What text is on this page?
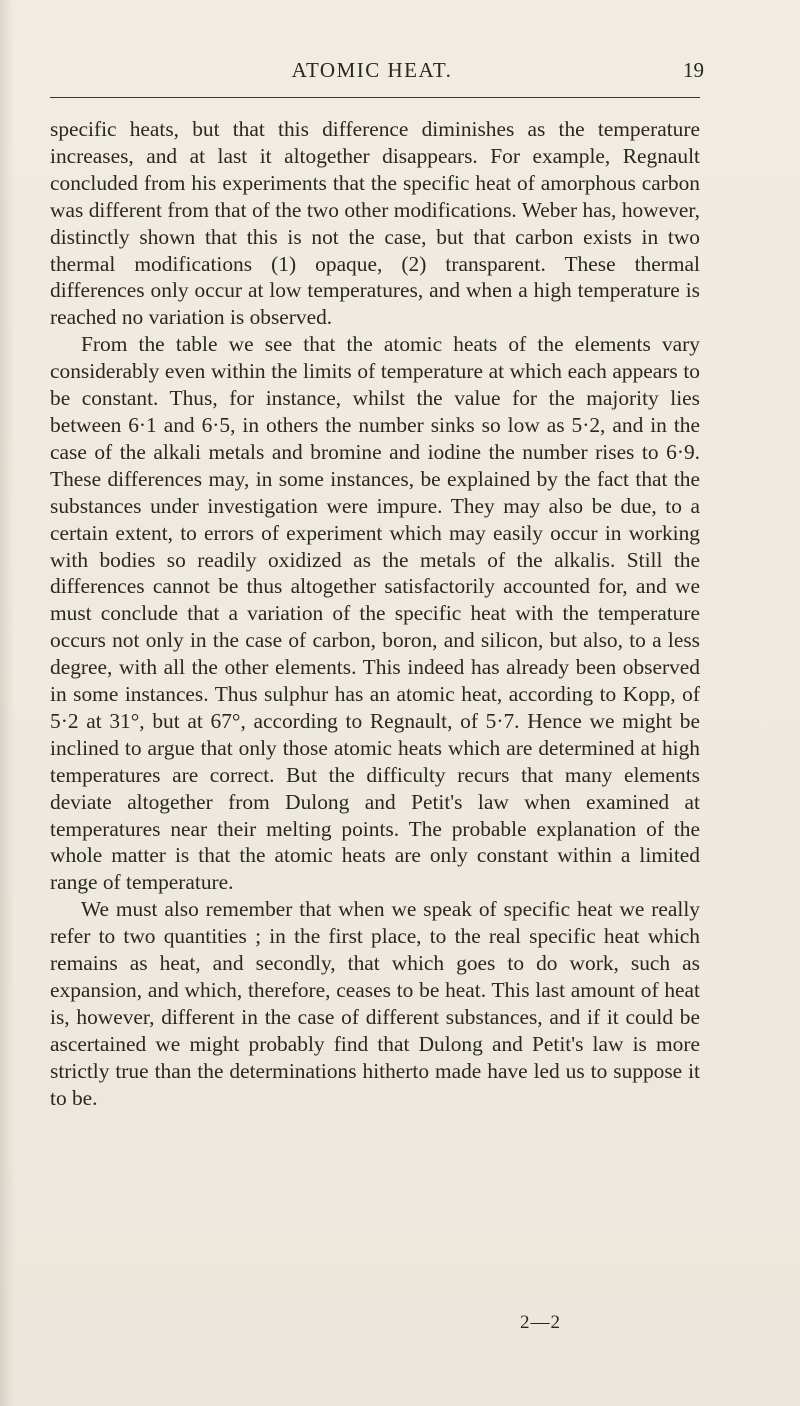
ATOMIC HEAT.	19

specific heats, but that this difference diminishes as the temperature increases, and at last it altogether disappears. For example, Regnault concluded from his experiments that the specific heat of amorphous carbon was different from that of the two other modifications. Weber has, however, distinctly shown that this is not the case, but that carbon exists in two thermal modifications (1) opaque, (2) transparent. These thermal differences only occur at low temperatures, and when a high temperature is reached no variation is observed.

From the table we see that the atomic heats of the elements vary considerably even within the limits of temperature at which each appears to be constant. Thus, for instance, whilst the value for the majority lies between 6·1 and 6·5, in others the number sinks so low as 5·2, and in the case of the alkali metals and bromine and iodine the number rises to 6·9. These differences may, in some instances, be explained by the fact that the substances under investigation were impure. They may also be due, to a certain extent, to errors of experiment which may easily occur in working with bodies so readily oxidized as the metals of the alkalis. Still the differences cannot be thus altogether satisfactorily accounted for, and we must conclude that a variation of the specific heat with the temperature occurs not only in the case of carbon, boron, and silicon, but also, to a less degree, with all the other elements. This indeed has already been observed in some instances. Thus sulphur has an atomic heat, according to Kopp, of 5·2 at 31°, but at 67°, according to Regnault, of 5·7. Hence we might be inclined to argue that only those atomic heats which are determined at high temperatures are correct. But the difficulty recurs that many elements deviate altogether from Dulong and Petit's law when examined at temperatures near their melting points. The probable explanation of the whole matter is that the atomic heats are only constant within a limited range of temperature.

We must also remember that when we speak of specific heat we really refer to two quantities ; in the first place, to the real specific heat which remains as heat, and secondly, that which goes to do work, such as expansion, and which, therefore, ceases to be heat. This last amount of heat is, however, different in the case of different substances, and if it could be ascertained we might probably find that Dulong and Petit's law is more strictly true than the determinations hitherto made have led us to suppose it to be.

2—2
